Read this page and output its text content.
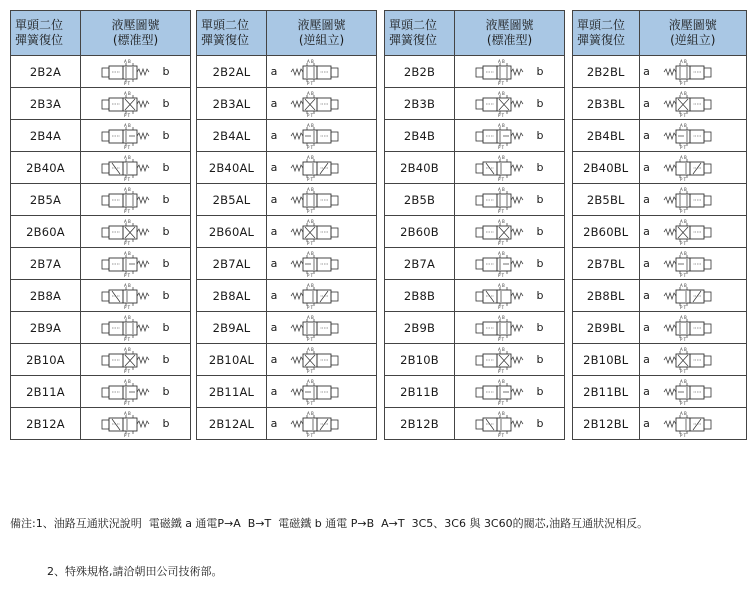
單頭二位
彈簧復位	液壓圖號
(標准型)
2B2A	A B
P T
b

2B3A	A B
P T
b

2B4A	A B
P T
b

2B40A	A B
P T
b

2B5A	A B
P T
b

2B60A	A B
P T
b

2B7A	A B
P T
b

2B8A	A B
P T
b

2B9A	A B
P T
b

2B10A	A B
P T
b

2B11A	A B
P T
b

2B12A	A B
P T
b
單頭二位
彈簧復位	液壓圖號
(逆組立)
2B2AL	a
A B
P T

2B3AL	a
A B
P T

2B4AL	a
A B
P T

2B40AL	a
A B
P T

2B5AL	a
A B
P T

2B60AL	a
A B
P T

2B7AL	a
A B
P T

2B8AL	a
A B
P T

2B9AL	a
A B
P T

2B10AL	a
A B
P T

2B11AL	a
A B
P T

2B12AL	a
A B
P T
單頭二位
彈簧復位	液壓圖號
(標准型)
2B2B	A B
P T
b

2B3B	A B
P T
b

2B4B	A B
P T
b

2B40B	A B
P T
b

2B5B	A B
P T
b

2B60B	A B
P T
b

2B7A	A B
P T
b

2B8B	A B
P T
b

2B9B	A B
P T
b

2B10B	A B
P T
b

2B11B	A B
P T
b

2B12B	A B
P T
b
單頭二位
彈簧復位	液壓圖號
(逆組立)
2B2BL	a
A B
P T

2B3BL	a
A B
P T

2B4BL	a
A B
P T

2B40BL	a
A B
P T

2B5BL	a
A B
P T

2B60BL	a
A B
P T

2B7BL	a
A B
P T

2B8BL	a
A B
P T

2B9BL	a
A B
P T

2B10BL	a
A B
P T

2B11BL	a
A B
P T

2B12BL	a
A B
P T

備注:1、油路互通狀況說明  電磁鐵 a 通電P→A  B→T  電磁鐵 b 通電 P→B  A→T  3C5、3C6 與 3C60的閥芯,油路互通狀況相反。

2、特殊規格,請洽朝田公司技術部。
